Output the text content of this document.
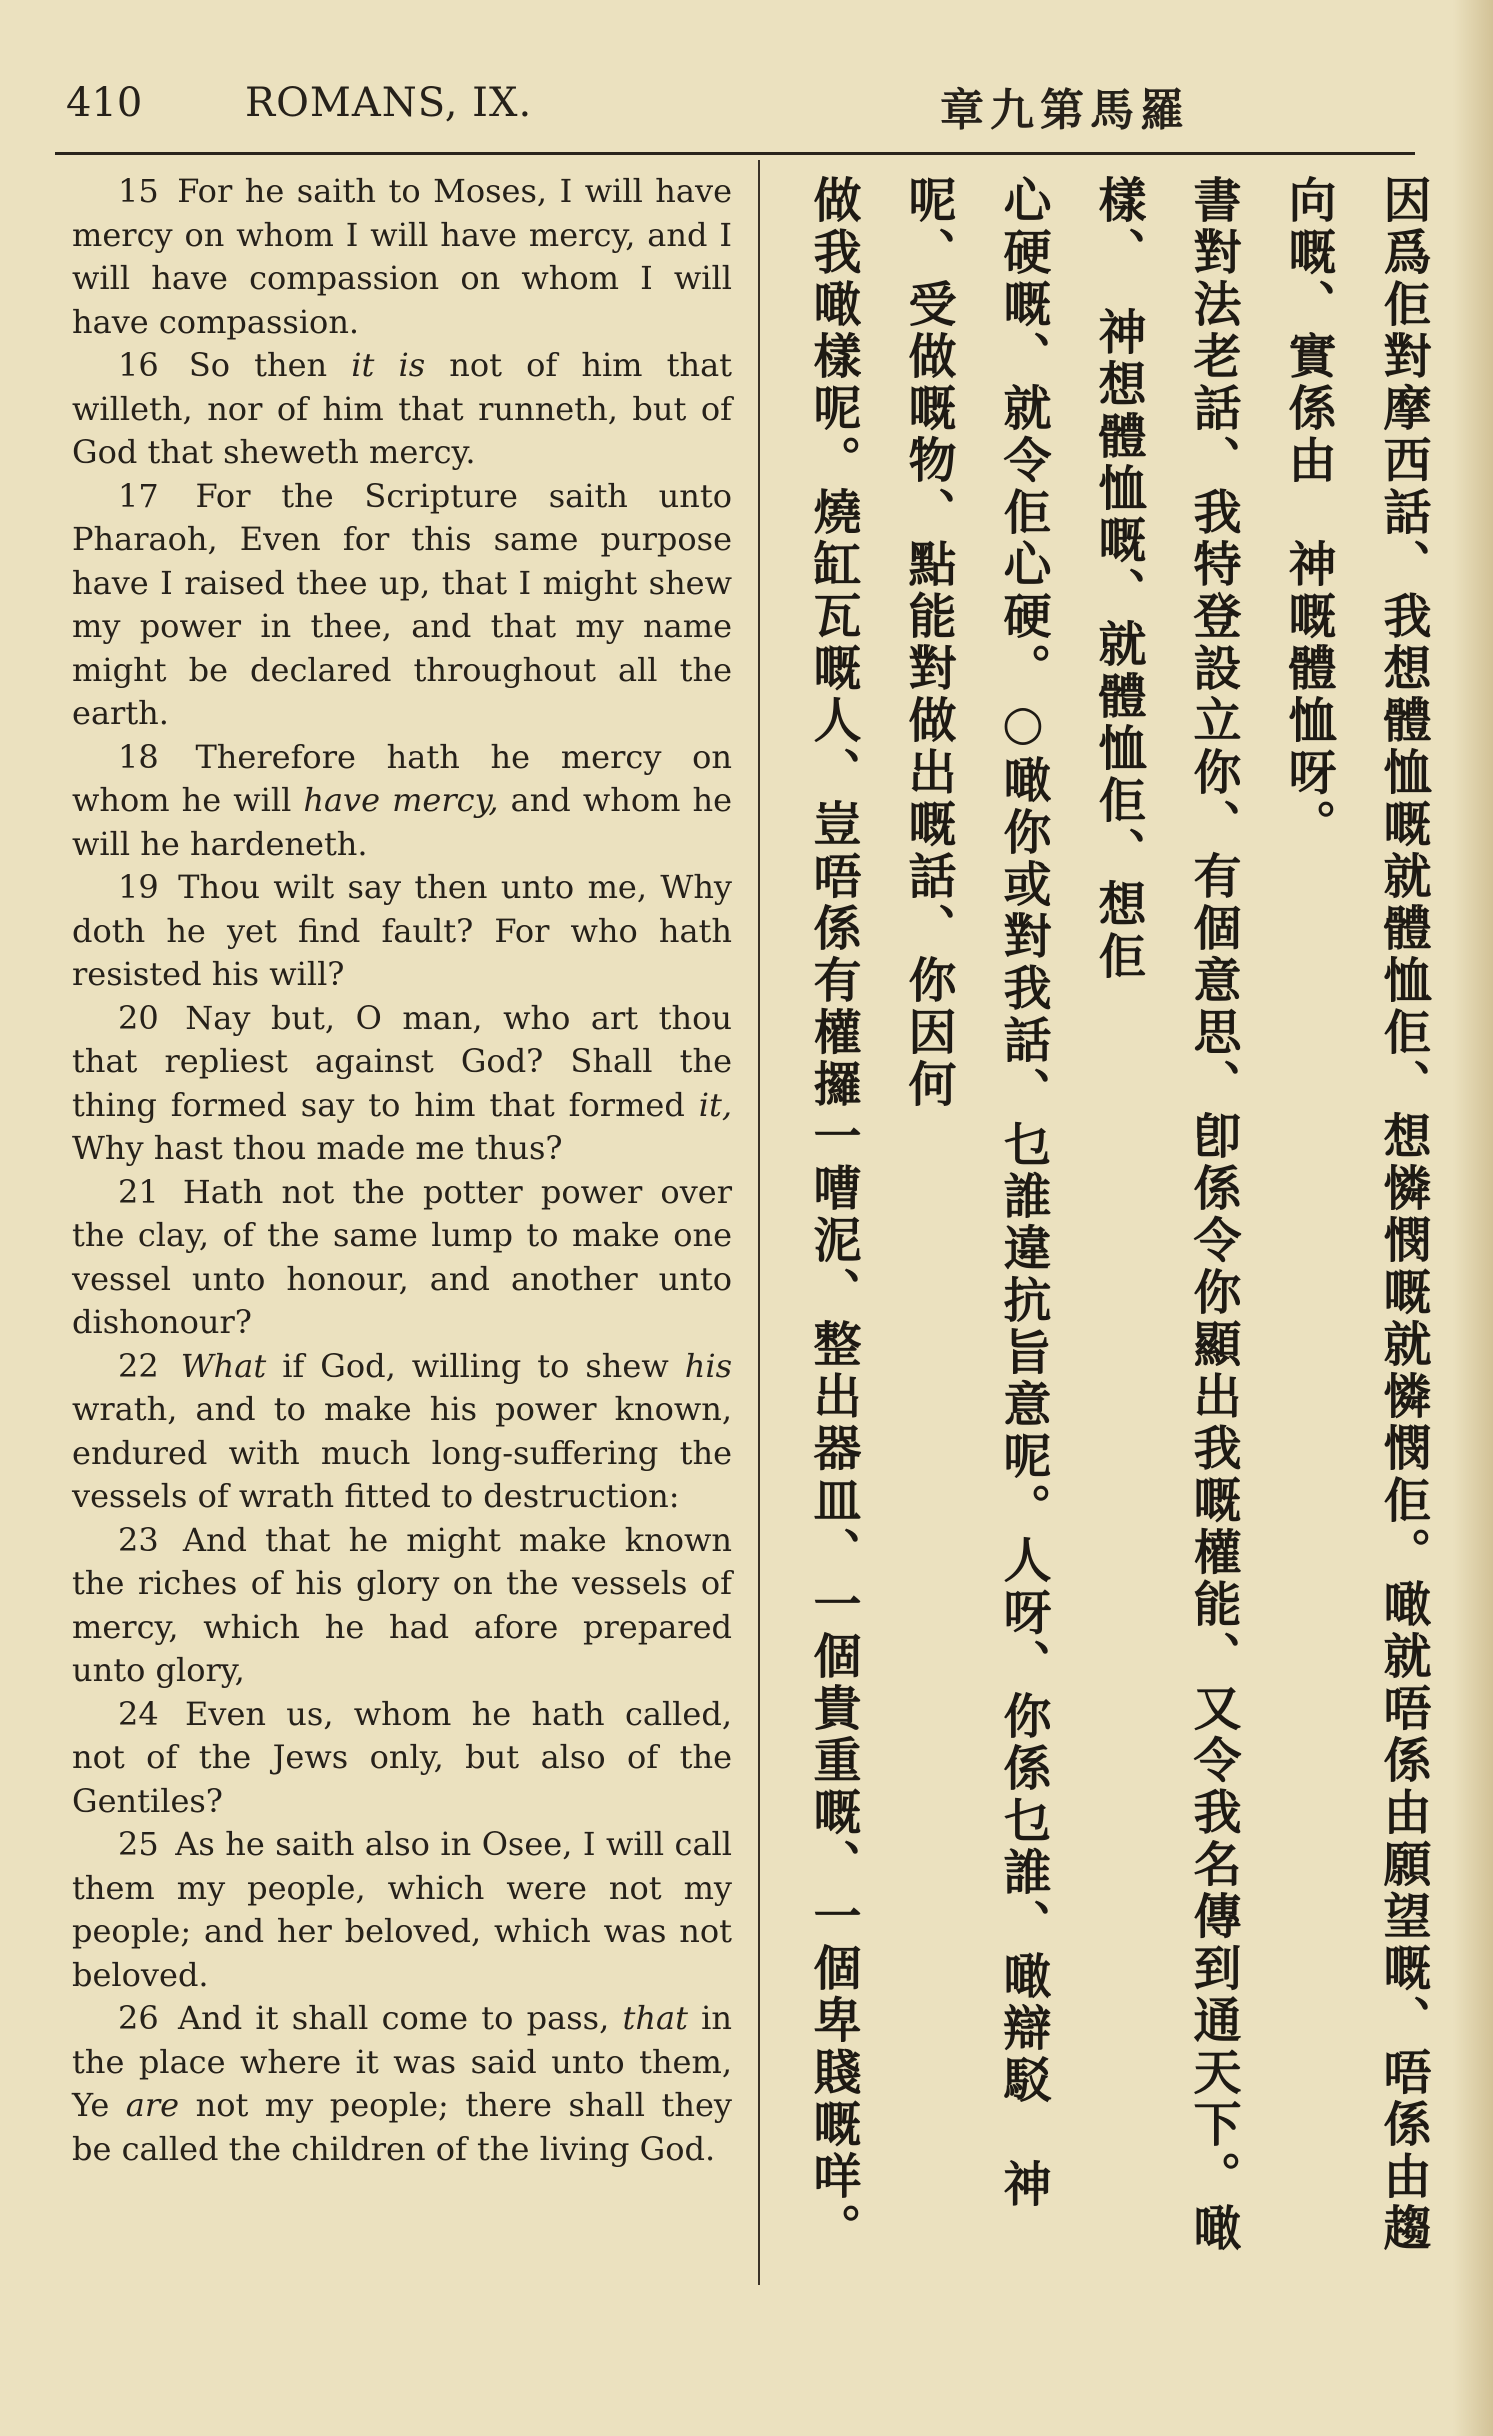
410	ROMANS, IX.	章九第馬羅

15 For he saith to Moses, I will have mercy on whom I will have mercy, and I will have compassion on whom I will have compassion.

16 So then it is not of him that willeth, nor of him that runneth, but of God that sheweth mercy.

17 For the Scripture saith unto Pharaoh, Even for this same purpose have I raised thee up, that I might shew my power in thee, and that my name might be declared throughout all the earth.

18 Therefore hath he mercy on whom he will have mercy, and whom he will he hardeneth.

19 Thou wilt say then unto me, Why doth he yet find fault? For who hath resisted his will?

20 Nay but, O man, who art thou that repliest against God? Shall the thing formed say to him that formed it, Why hast thou made me thus?

21 Hath not the potter power over the clay, of the same lump to make one vessel unto honour, and another unto dishonour?

22 What if God, willing to shew his wrath, and to make his power known, endured with much long-suffering the vessels of wrath fitted to destruction:

23 And that he might make known the riches of his glory on the vessels of mercy, which he had afore prepared unto glory,

24 Even us, whom he hath called, not of the Jews only, but also of the Gentiles?

25 As he saith also in Osee, I will call them my people, which were not my people; and her beloved, which was not beloved.

26 And it shall come to pass, that in the place where it was said unto them, Ye are not my people; there shall they be called the children of the living God.	因爲佢對摩西話、我想體恤嘅就體恤佢、想憐憫嘅就憐憫佢。噉就唔係由願望嘅、唔係由趨向嘅、實係由　神嘅體恤呀。
書對法老話、我特登設立你、有個意思、卽係令你顯出我嘅權能、又令我名傳到通天下。噉樣、　神想體恤嘅、就體恤佢、想佢
心硬嘅、就令佢心硬。○噉你或對我話、乜誰違抗旨意呢。人呀、你係乜誰、噉辯駁　神呢、受做嘅物、點能對做出嘅話、你因何
做我噉樣呢。燒缸瓦嘅人、豈唔係有權攞一嘈泥、整出器皿、一個貴重嘅、一個卑賤嘅咩。　
